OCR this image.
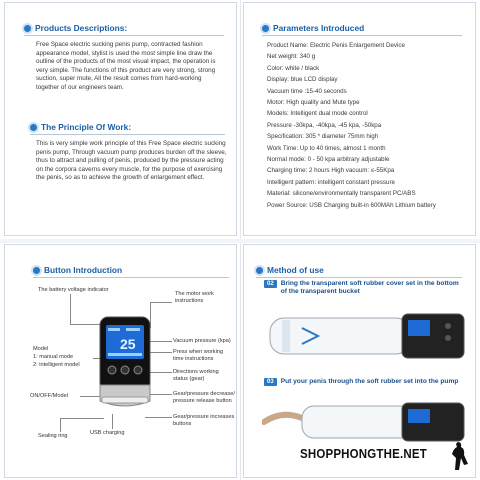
Products Descriptions:
Free Space electric sucking penis pump, contracted fashion appearance model, stylist is used the most simple line draw the outline of the products of the most visual impact, the operation is very simple. The functions of this product are very strong, strong suction, super mute, All the result comes from hard-working together of our engineers team.
The Principle Of Work:
This is very simple work principle of this Free Space electric sucking penis pump, Through vacuum pump produces burden off the sleeve, thus to attract and pulling of penis, produced by the pressure acting on the corpora caverns every muscle, for the purpose of exercising the penis, so as to achieve the growth of enlargement effect.
Parameters Introduced
Product Name: Electric Penis Enlargement Device
Net weight: 340 g
Color: white / black
Display: blue LCD display
Vacuum time :15-40 seconds
Motor: High quality and Mute type
Models: Intelligent dual mode control
Pressure -30kpa, -40kpa, -45 kpa, -50kpa
Specification: 305 * diameter 75mm high
Work Time: Up to 40 times, almost 1 month
Normal mode: 0 - 50 kpa arbitrary adjustable
Charging time: 2 hours High vacuum: ≤-55Kpa
Intelligent pattern: intelligent constant pressure
Material: silicone/environmentally transparent PC/ABS
Power Source: USB Charging built-in 600MAh Lithium battery
Button Introduction
The battery voltage indicator
The motor work instructions
Model
1: manual mode
2: intelligent model
Vacuum pressure (kpa)
Press when working time instructions
Directions working status (gear)
ON/OFF/Model	Gear/pressure decrease/ pressure release button
Gear/pressure increases buttons
Sealing ring	USB charging
25
Method of use
02	Bring the transparent soft rubber cover set in the bottom of the transparent bucket
03	Put your penis through the soft rubber set into the pump
SHOPPHONGTHE.NET
